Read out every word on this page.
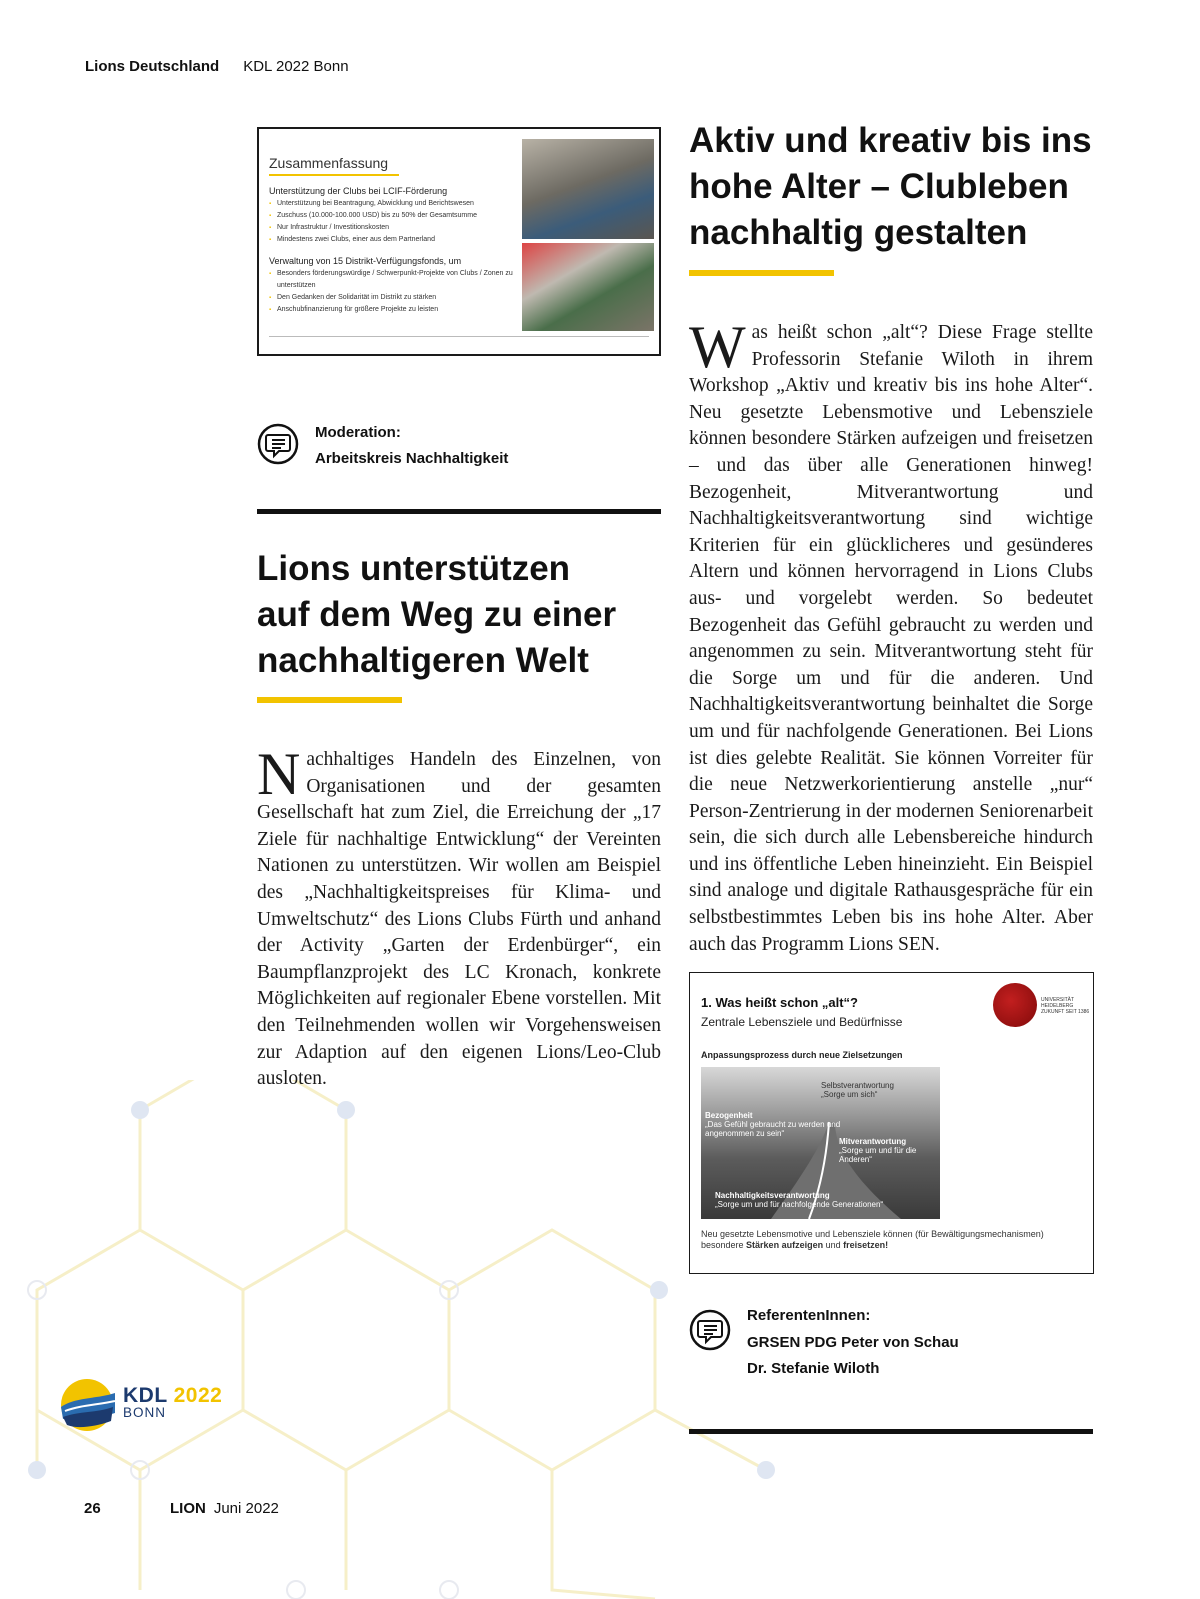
Lions Deutschland KDL 2022 Bonn
Zusammenfassung
Unterstützung der Clubs bei LCIF-Förderung
▪ Unterstützung bei Beantragung, Abwicklung und Berichtswesen
▪ Zuschuss (10.000-100.000 USD) bis zu 50% der Gesamtsumme
▪ Nur Infrastruktur / Investitionskosten
▪ Mindestens zwei Clubs, einer aus dem Partnerland
Verwaltung von 15 Distrikt-Verfügungsfonds, um
▪ Besonders förderungswürdige / Schwerpunkt-Projekte von Clubs / Zonen zu unterstützen
▪ Den Gedanken der Solidarität im Distrikt zu stärken
▪ Anschubfinanzierung für größere Projekte zu leisten
Moderation:
Arbeitskreis Nachhaltigkeit
Lions unterstützen
auf dem Weg zu einer
nachhaltigeren Welt
Nachhaltiges Handeln des Einzelnen, von Organisationen und der gesamten Gesellschaft hat zum Ziel, die Erreichung der „17 Ziele für nachhaltige Entwicklung“ der Vereinten Nationen zu unterstützen. Wir wollen am Beispiel des „Nachhaltigkeitspreises für Klima- und Umweltschutz“ des Lions Clubs Fürth und anhand der Activity „Garten der Erdenbürger“, ein Baumpflanzprojekt des LC Kronach, konkrete Möglichkeiten auf regionaler Ebene vorstellen. Mit den Teilnehmenden wollen wir Vorgehensweisen zur Adaption auf den eigenen Lions/Leo-Club ausloten.
Aktiv und kreativ bis ins
hohe Alter – Clubleben
nachhaltig gestalten
Was heißt schon „alt“? Diese Frage stellte Professorin Stefanie Wiloth in ihrem Workshop „Aktiv und kreativ bis ins hohe Alter“. Neu gesetzte Lebensmotive und Lebensziele können besondere Stärken aufzeigen und freisetzen – und das über alle Generationen hinweg! Bezogenheit, Mitverantwortung und Nachhaltigkeitsverantwortung sind wichtige Kriterien für ein glücklicheres und gesünderes Altern und können hervorragend in Lions Clubs aus- und vorgelebt werden. So bedeutet Bezogenheit das Gefühl gebraucht zu werden und angenommen zu sein. Mitverantwortung steht für die Sorge um und für die anderen. Und Nachhaltigkeitsverantwortung beinhaltet die Sorge um und für nachfolgende Generationen. Bei Lions ist dies gelebte Realität. Sie können Vorreiter für die neue Netzwerkorientierung anstelle „nur“ Person-Zentrierung in der modernen Seniorenarbeit sein, die sich durch alle Lebensbereiche hindurch und ins öffentliche Leben hineinzieht. Ein Beispiel sind analoge und digitale Rathausgespräche für ein selbstbestimmtes Leben bis ins hohe Alter. Aber auch das Programm Lions SEN.
1. Was heißt schon „alt“?
Zentrale Lebensziele und Bedürfnisse
UNIVERSITÄT HEIDELBERG ZUKUNFT SEIT 1386
Anpassungsprozess durch neue Zielsetzungen
Selbstverantwortung
„Sorge um sich“
Bezogenheit
„Das Gefühl gebraucht zu werden und angenommen zu sein“
Mitverantwortung
„Sorge um und für die Anderen“
Nachhaltigkeitsverantwortung
„Sorge um und für nachfolgende Generationen“
Neu gesetzte Lebensmotive und Lebensziele können (für Bewältigungsmechanismen) besondere Stärken aufzeigen und freisetzen!
ReferentenInnen:
GRSEN PDG Peter von Schau
Dr. Stefanie Wiloth
KDL 2022
BONN
26	LION Juni 2022
